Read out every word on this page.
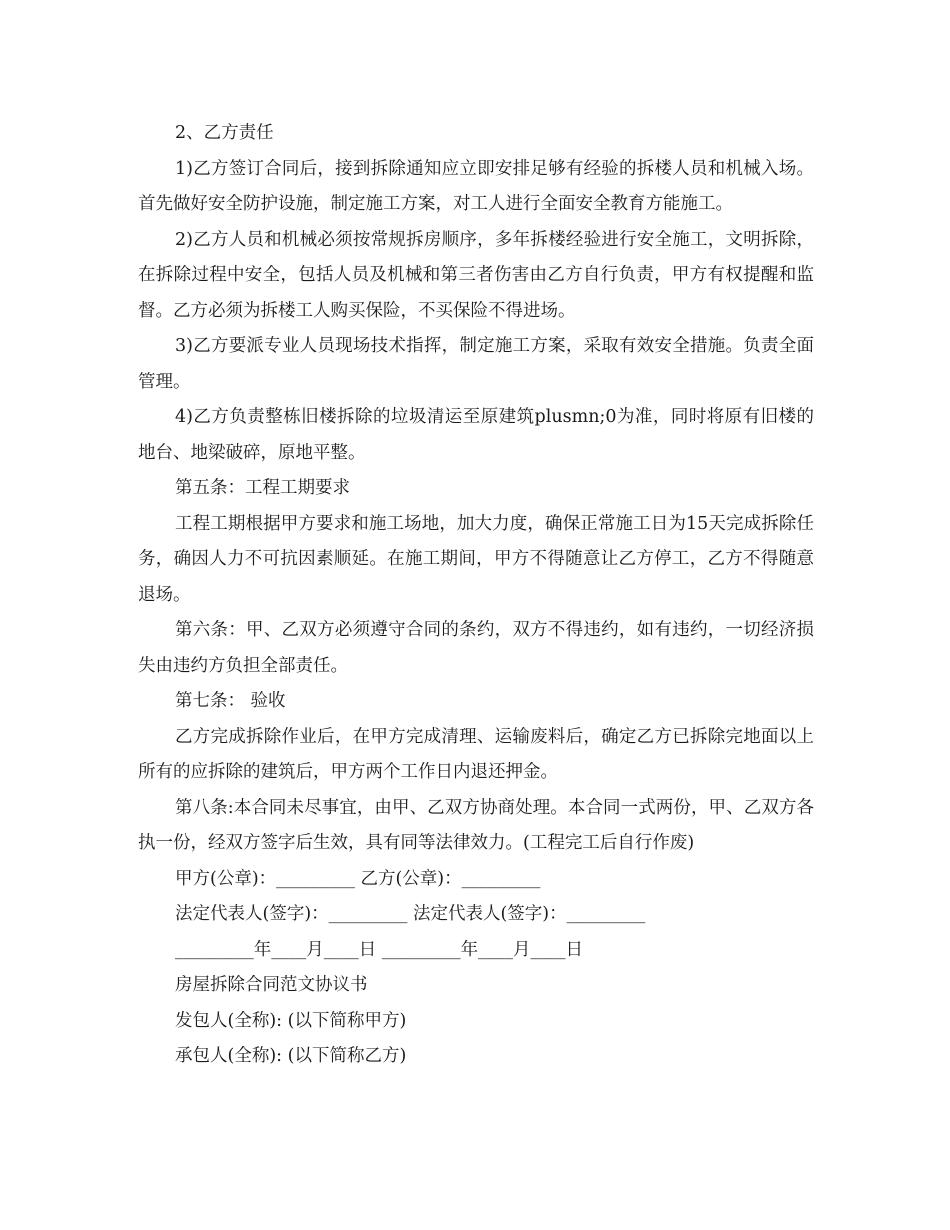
2、乙方责任

1)乙方签订合同后，接到拆除通知应立即安排足够有经验的拆楼人员和机械入场。首先做好安全防护设施，制定施工方案，对工人进行全面安全教育方能施工。

2)乙方人员和机械必须按常规拆房顺序，多年拆楼经验进行安全施工，文明拆除，在拆除过程中安全，包括人员及机械和第三者伤害由乙方自行负责，甲方有权提醒和监督。乙方必须为拆楼工人购买保险，不买保险不得进场。

3)乙方要派专业人员现场技术指挥，制定施工方案，采取有效安全措施。负责全面管理。

4)乙方负责整栋旧楼拆除的垃圾清运至原建筑plusmn;0为准，同时将原有旧楼的地台、地梁破碎，原地平整。

第五条：工程工期要求

工程工期根据甲方要求和施工场地，加大力度，确保正常施工日为15天完成拆除任务，确因人力不可抗因素顺延。在施工期间，甲方不得随意让乙方停工，乙方不得随意退场。

第六条：甲、乙双方必须遵守合同的条约，双方不得违约，如有违约，一切经济损失由违约方负担全部责任。

第七条： 验收

乙方完成拆除作业后，在甲方完成清理、运输废料后，确定乙方已拆除完地面以上所有的应拆除的建筑后，甲方两个工作日内退还押金。

第八条:本合同未尽事宜，由甲、乙双方协商处理。本合同一式两份，甲、乙双方各执一份，经双方签字后生效，具有同等法律效力。(工程完工后自行作废)

甲方(公章)：_________ 乙方(公章)：_________

法定代表人(签字)：_________ 法定代表人(签字)：_________

_________年____月____日 _________年____月____日

房屋拆除合同范文协议书

发包人(全称): (以下简称甲方)

承包人(全称): (以下简称乙方)
